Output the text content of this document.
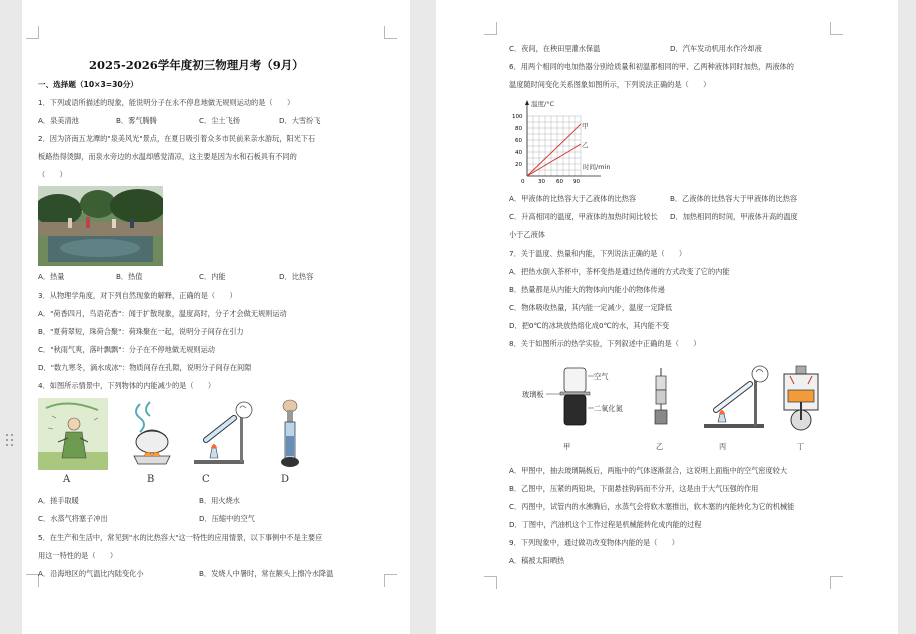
2025-2026学年度初三物理月考（9月）
一、选择题（10×3=30分）
1．下列或语所描述的现象，能说明分子在永不停息地做无规则运动的是（　　）
A．泉美清池	B．雾气腾腾	C．尘土飞扬	D．大雪纷飞
2．因为济南五龙潭的"泉美风光"景点，在夏日吸引着众多市民前来亲水游玩，阳光下石
板路热得烫脚，而泉水旁边的水温却感觉清凉，这主要是因为水和石板具有不同的
（　　）
A．热量	B．热值	C．内能	D．比热容
3．从物理学角度，对下列自然现象的解释，正确的是（　　）
A．"荷香四月，鸟语花香"：闻于扩散现象，温度高时，分子才会做无规则运动
B．"夏荷翠短，珠荷合聚"：荷珠聚在一起，说明分子间存在引力
C．"秋雨气爽，落叶飘飘"：分子在不停地做无规则运动
D．"数九寒冬，滴水成冰"：物质间存在孔隙，说明分子间存在间隙
4．如图所示情景中，下列物体的内能减少的是（　　）
A	B	C	D
A．搓手取暖	B．用火烧水
C．水蒸气将塞子冲出	D．压缩中的空气
5．在生产和生活中，常见到"水的比热容大"这一特性的应用情景，以下事例中不是主要应
用这一特性的是（　　）
A．沿海地区的气温比内陆变化小	B．发烧人中暑时，常在额头上擦冷水降温
C．夜间，在秧田里灌水保温	D．汽车发动机用水作冷却液
6．用两个相同的电加热器分别给质量和初温都相同的甲、乙两种液体同时加热，两液体的
温度随时间变化关系图象如图所示，下列说法正确的是（　　）
温度/°C
时间/min
甲
乙
100
80
60
40
20
0 30 60 90
A．甲液体的比热容大于乙液体的比热容	B．乙液体的比热容大于甲液体的比热容
C．升高相同的温度，甲液体的加热时间比较长 D．加热相同的时间，甲液体升高的温度
小于乙液体
7．关于温度、热量和内能，下列说法正确的是（　　）
A．把热水倒入茶杯中，茶杯变热是通过热传递的方式改变了它的内能
B．热量都是从内能大的物体向内能小的物体传递
C．物体吸收热量，其内能一定减少，温度一定降低
D．把0℃的冰块放热熔化成0℃的水，其内能不变
8．关于如图所示的热学实验，下列叙述中正确的是（　　）
空气
玻璃板
二氧化氮
甲	乙	丙	丁
A．甲图中，抽去玻璃隔板后，两瓶中的气体逐渐混合，这说明上面瓶中的空气密度较大
B．乙图中，压紧的两铅块，下面悬挂钩码而不分开，这是由于大气压强的作用
C．丙图中，试管内的水沸腾后，水蒸气会将软木塞推出，软木塞的内能转化为它的机械能
D．丁图中，汽油机这个工作过程是机械能转化成内能的过程
9．下列现象中，通过做功改变物体内能的是（　　）
A．稿被太阳晒热
